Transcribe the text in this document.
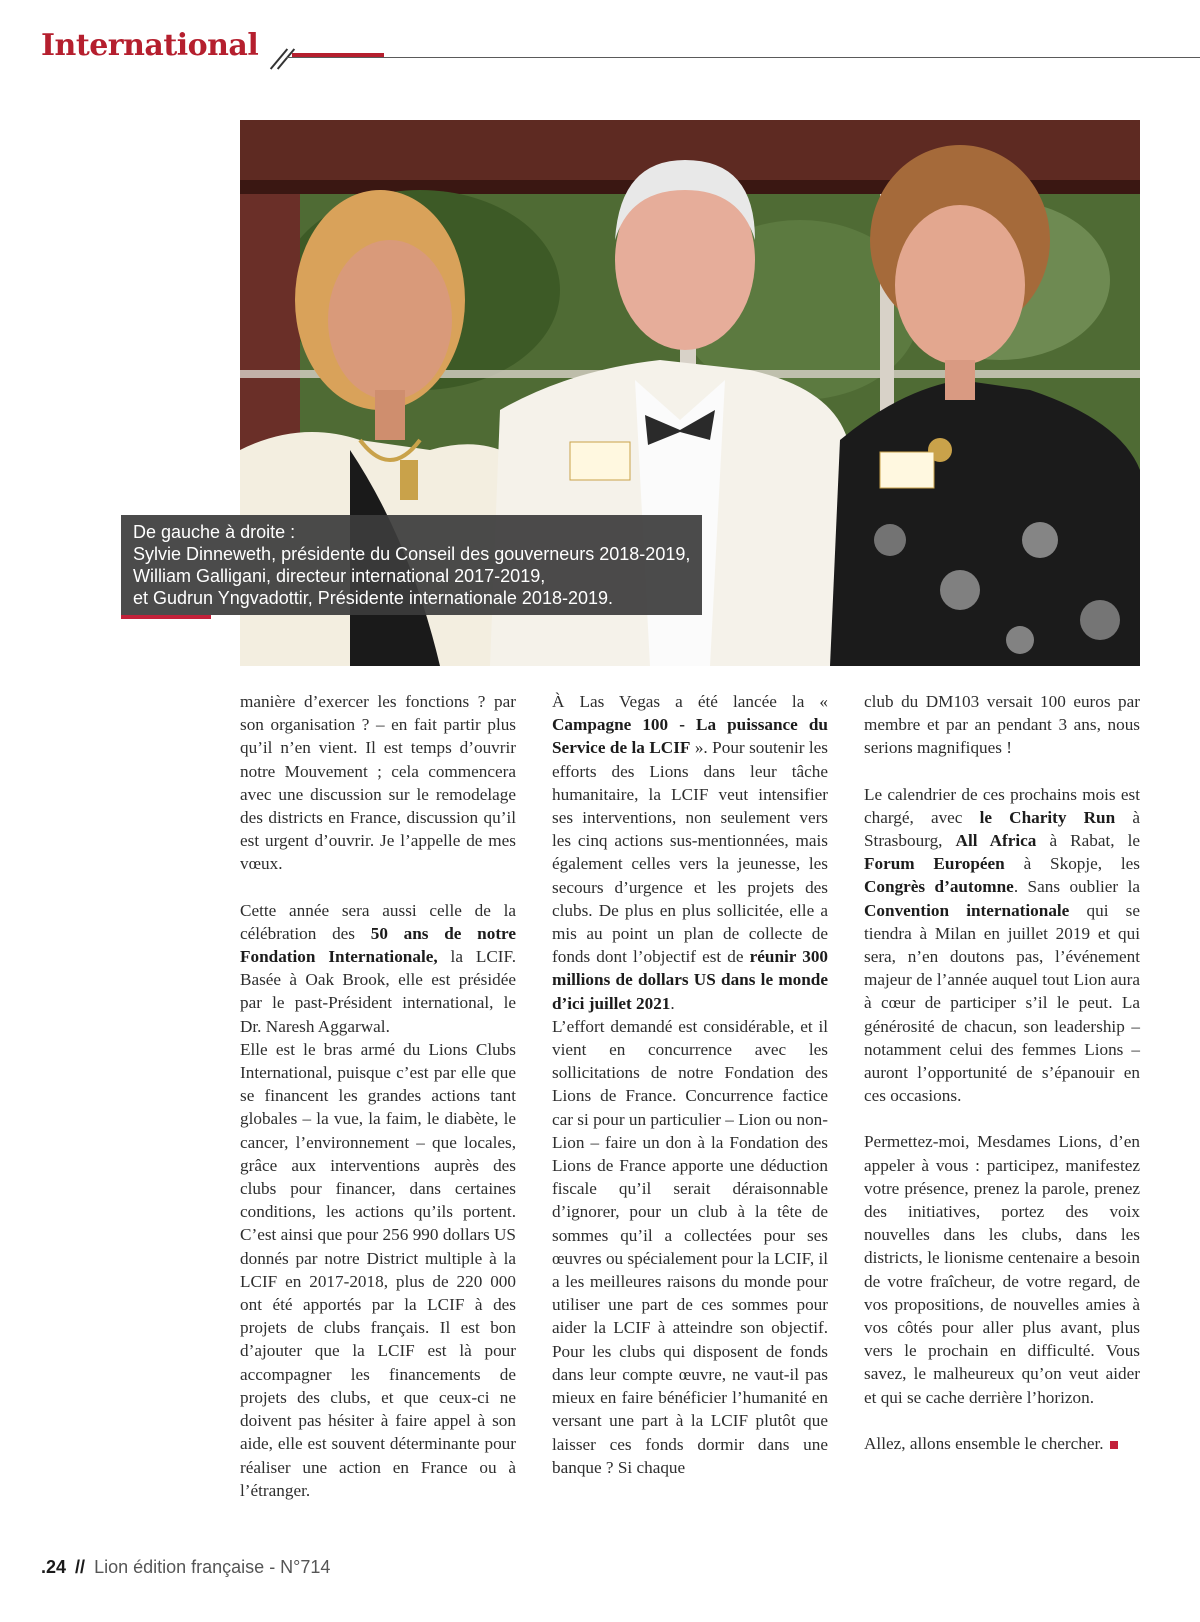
International
De gauche à droite :
Sylvie Dinneweth, présidente du Conseil des gouverneurs 2018-2019,
William Galligani, directeur international 2017-2019,
et Gudrun Yngvadottir, Présidente internationale 2018-2019.

manière d’exercer les fonctions ? par son organisation ? – en fait partir plus qu’il n’en vient. Il est temps d’ouvrir notre Mouvement ; cela commencera avec une discussion sur le remodelage des districts en France, discussion qu’il est urgent d’ouvrir. Je l’appelle de mes vœux.

Cette année sera aussi celle de la célébration des 50 ans de notre Fondation Internationale, la LCIF. Basée à Oak Brook, elle est présidée par le past-Président international, le Dr. Naresh Aggarwal.

Elle est le bras armé du Lions Clubs International, puisque c’est par elle que se financent les grandes actions tant globales – la vue, la faim, le diabète, le cancer, l’environnement – que locales, grâce aux interventions auprès des clubs pour financer, dans certaines conditions, les actions qu’ils portent. C’est ainsi que pour 256 990 dollars US donnés par notre District multiple à la LCIF en 2017-2018, plus de 220 000 ont été apportés par la LCIF à des projets de clubs français. Il est bon d’ajouter que la LCIF est là pour accompagner les financements de projets des clubs, et que ceux-ci ne doivent pas hésiter à faire appel à son aide, elle est souvent déterminante pour réaliser une action en France ou à l’étranger.

À Las Vegas a été lancée la « Campagne 100 - La puissance du Service de la LCIF ». Pour soutenir les efforts des Lions dans leur tâche humanitaire, la LCIF veut intensifier ses interventions, non seulement vers les cinq actions sus-mentionnées, mais également celles vers la jeunesse, les secours d’urgence et les projets des clubs. De plus en plus sollicitée, elle a mis au point un plan de collecte de fonds dont l’objectif est de réunir 300 millions de dollars US dans le monde d’ici juillet 2021.

L’effort demandé est considérable, et il vient en concurrence avec les sollicitations de notre Fondation des Lions de France. Concurrence factice car si pour un particulier – Lion ou non-Lion – faire un don à la Fondation des Lions de France apporte une déduction fiscale qu’il serait déraisonnable d’ignorer, pour un club à la tête de sommes qu’il a collectées pour ses œuvres ou spécialement pour la LCIF, il a les meilleures raisons du monde pour utiliser une part de ces sommes pour aider la LCIF à atteindre son objectif. Pour les clubs qui disposent de fonds dans leur compte œuvre, ne vaut-il pas mieux en faire bénéficier l’humanité en versant une part à la LCIF plutôt que laisser ces fonds dormir dans une banque ? Si chaque

club du DM103 versait 100 euros par membre et par an pendant 3 ans, nous serions magnifiques !

Le calendrier de ces prochains mois est chargé, avec le Charity Run à Strasbourg, All Africa à Rabat, le Forum Européen à Skopje, les Congrès d’automne. Sans oublier la Convention internationale qui se tiendra à Milan en juillet 2019 et qui sera, n’en doutons pas, l’événement majeur de l’année auquel tout Lion aura à cœur de participer s’il le peut. La générosité de chacun, son leadership – notamment celui des femmes Lions – auront l’opportunité de s’épanouir en ces occasions.

Permettez-moi, Mesdames Lions, d’en appeler à vous : participez, manifestez votre présence, prenez la parole, prenez des initiatives, portez des voix nouvelles dans les clubs, dans les districts, le lionisme centenaire a besoin de votre fraîcheur, de votre regard, de vos propositions, de nouvelles amies à vos côtés pour aller plus avant, plus vers le prochain en difficulté. Vous savez, le malheureux qu’on veut aider et qui se cache derrière l’horizon.

Allez, allons ensemble le chercher.

.24 // Lion édition française - N°714
